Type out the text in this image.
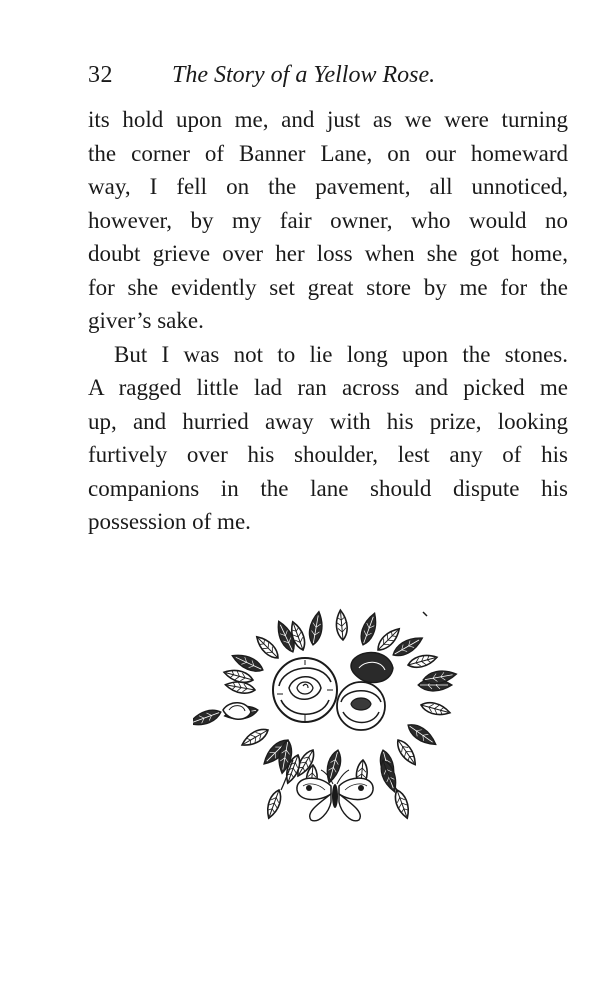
32 The Story of a Yellow Rose.
its hold upon me, and just as we were turning
the corner of Banner Lane, on our homeward
way, I fell on the pavement, all unnoticed,
however, by my fair owner, who would no
doubt grieve over her loss when she got home,
for she evidently set great store by me for the
giver’s sake.
But I was not to lie long upon the stones.
A ragged little lad ran across and picked me
up, and hurried away with his prize, looking
furtively over his shoulder, lest any of his
companions in the lane should dispute his
possession of me.
